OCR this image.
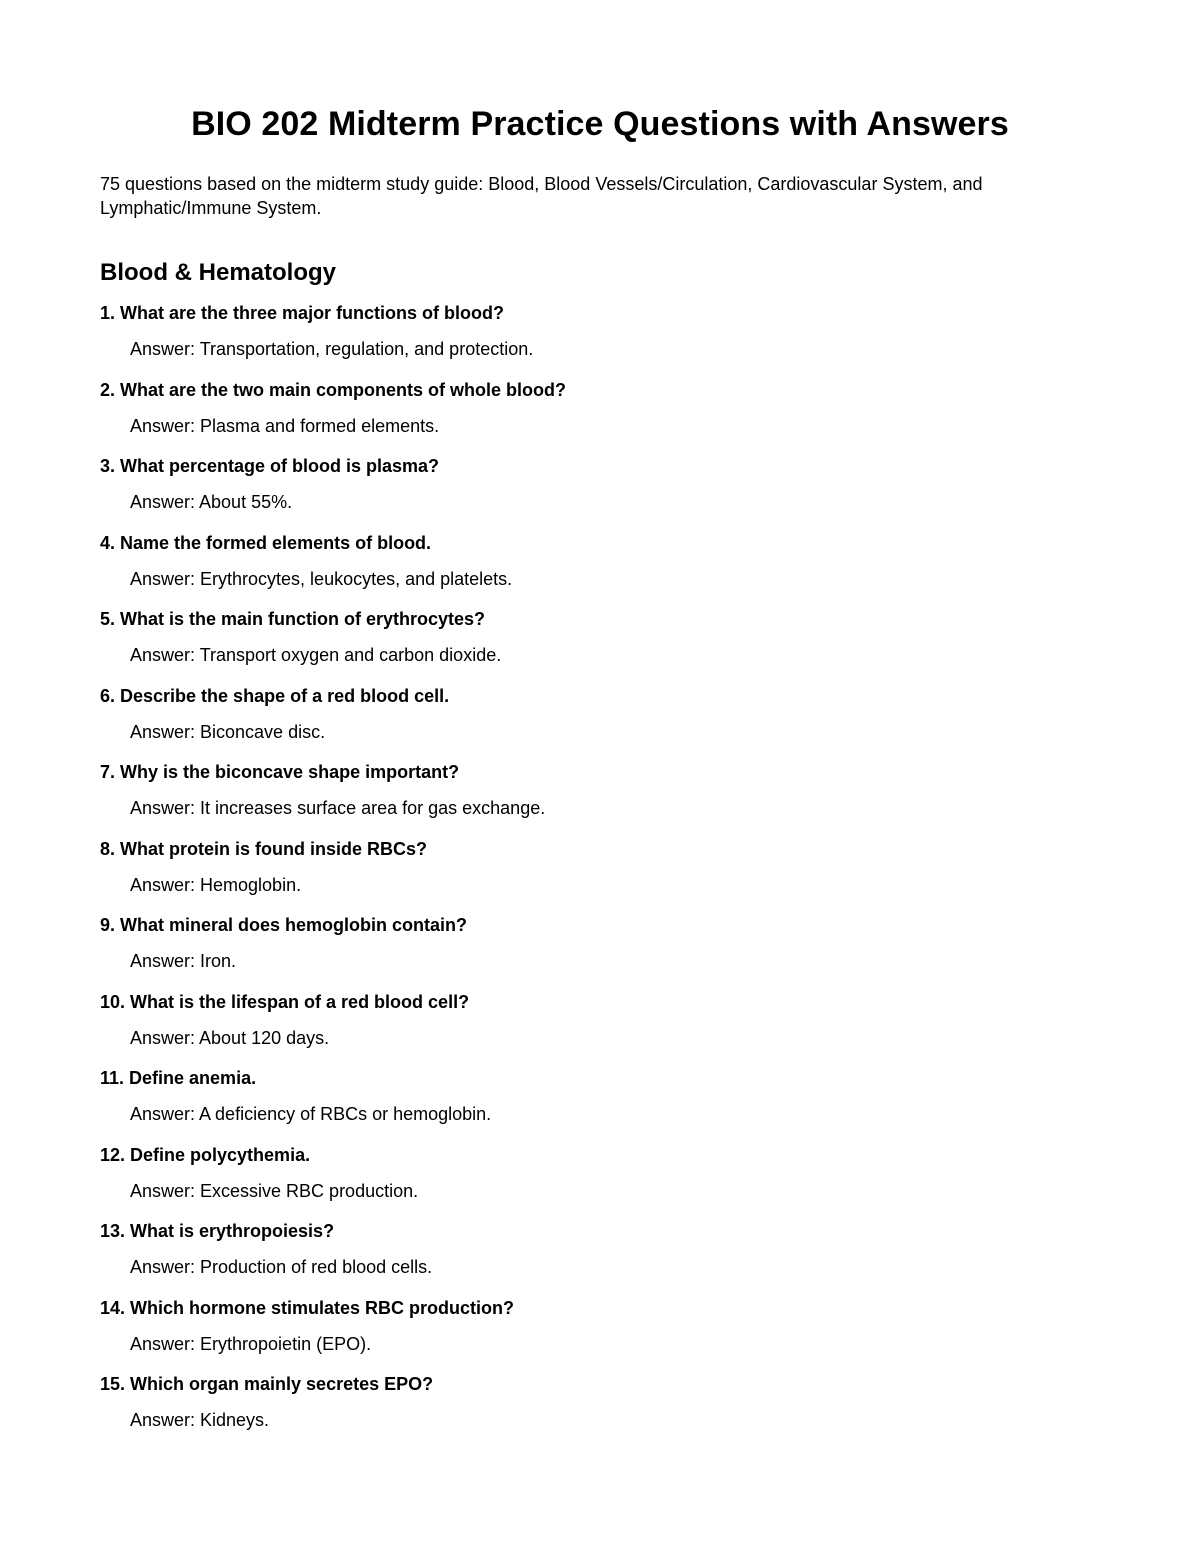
BIO 202 Midterm Practice Questions with Answers

75 questions based on the midterm study guide: Blood, Blood Vessels/Circulation, Cardiovascular System, and Lymphatic/Immune System.

Blood & Hematology
1. What are the three major functions of blood?
Answer: Transportation, regulation, and protection.
2. What are the two main components of whole blood?
Answer: Plasma and formed elements.
3. What percentage of blood is plasma?
Answer: About 55%.
4. Name the formed elements of blood.
Answer: Erythrocytes, leukocytes, and platelets.
5. What is the main function of erythrocytes?
Answer: Transport oxygen and carbon dioxide.
6. Describe the shape of a red blood cell.
Answer: Biconcave disc.
7. Why is the biconcave shape important?
Answer: It increases surface area for gas exchange.
8. What protein is found inside RBCs?
Answer: Hemoglobin.
9. What mineral does hemoglobin contain?
Answer: Iron.
10. What is the lifespan of a red blood cell?
Answer: About 120 days.
11. Define anemia.
Answer: A deficiency of RBCs or hemoglobin.
12. Define polycythemia.
Answer: Excessive RBC production.
13. What is erythropoiesis?
Answer: Production of red blood cells.
14. Which hormone stimulates RBC production?
Answer: Erythropoietin (EPO).
15. Which organ mainly secretes EPO?
Answer: Kidneys.
